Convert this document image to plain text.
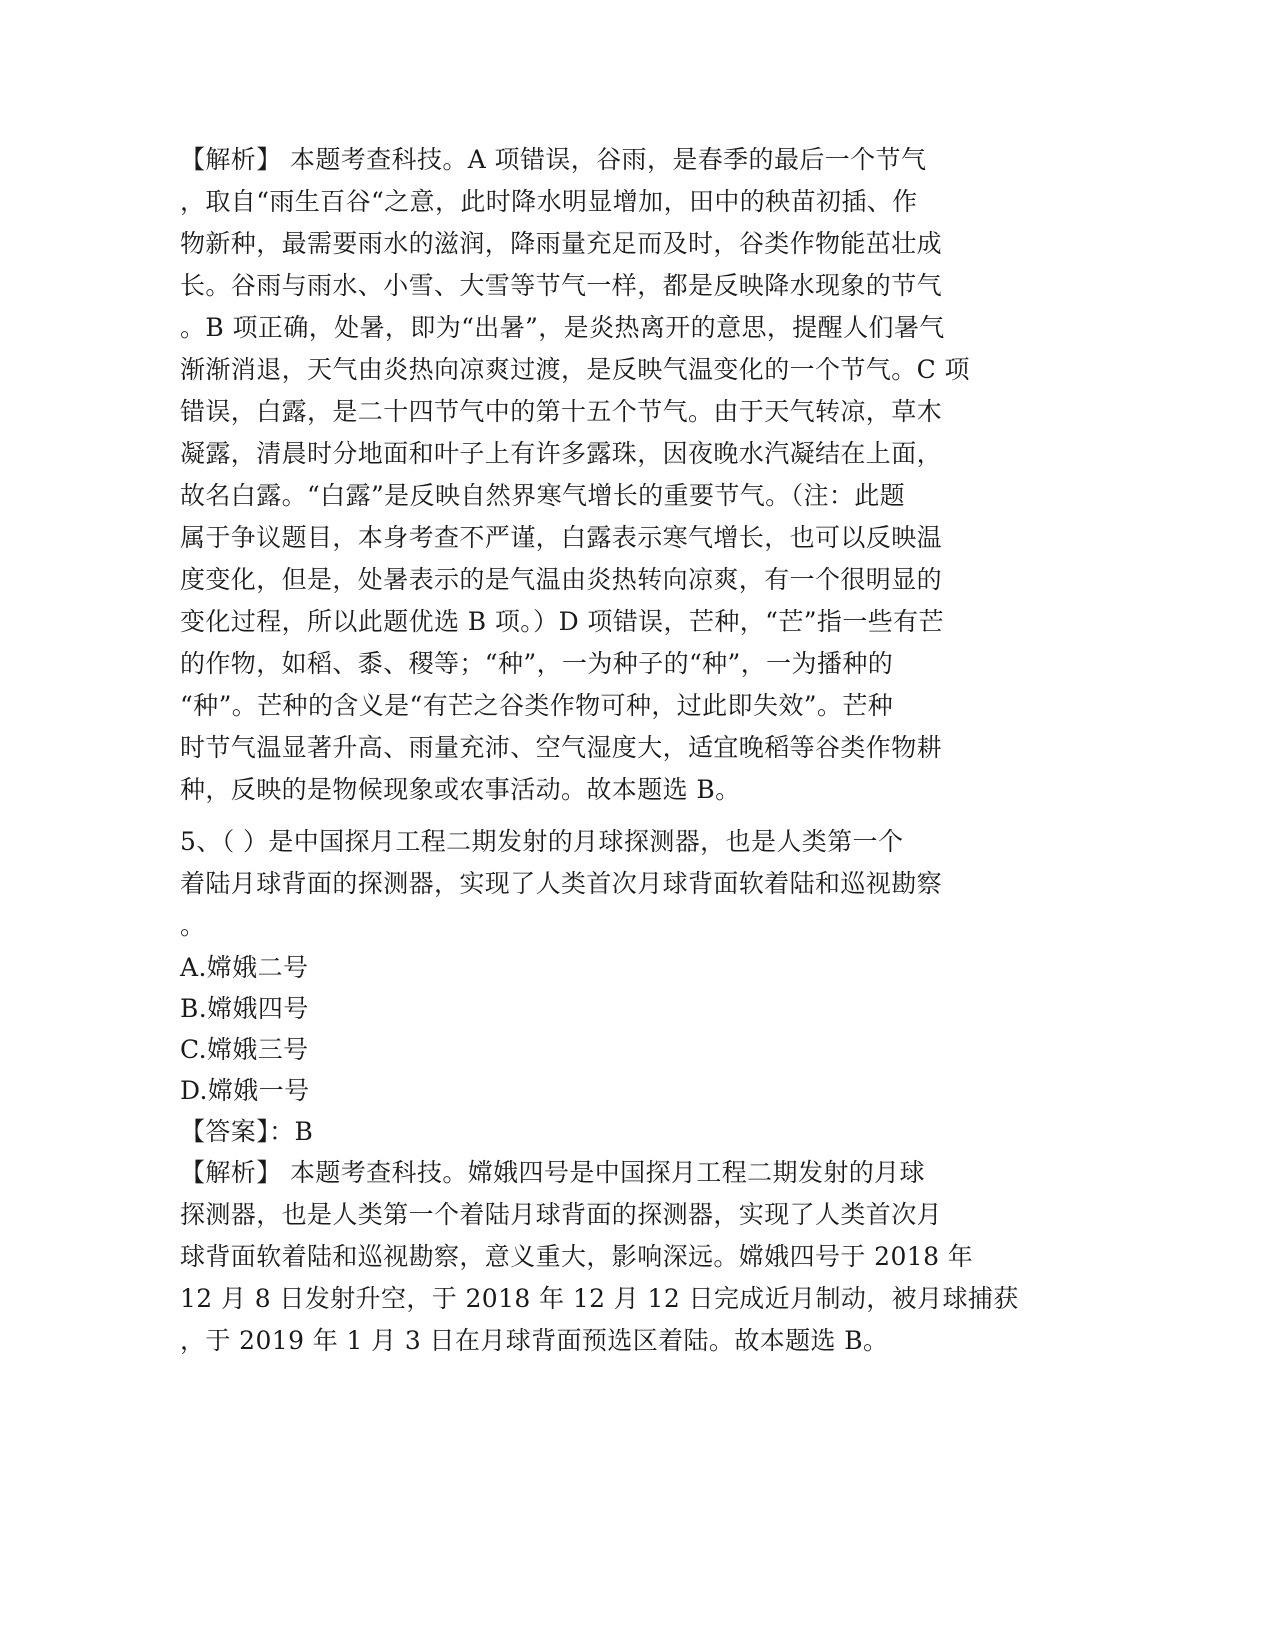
【解析】 本题考查科技。A 项错误，谷雨，是春季的最后一个节气
，取自“雨生百谷“之意，此时降水明显增加，田中的秧苗初插、作
物新种，最需要雨水的滋润，降雨量充足而及时，谷类作物能茁壮成
长。谷雨与雨水、小雪、大雪等节气一样，都是反映降水现象的节气
。B 项正确，处暑，即为“出暑”，是炎热离开的意思，提醒人们暑气
渐渐消退，天气由炎热向凉爽过渡，是反映气温变化的一个节气。C 项
错误，白露，是二十四节气中的第十五个节气。由于天气转凉，草木
凝露，清晨时分地面和叶子上有许多露珠，因夜晚水汽凝结在上面，
故名白露。“白露”是反映自然界寒气增长的重要节气。（注：此题
属于争议题目，本身考查不严谨，白露表示寒气增长，也可以反映温
度变化，但是，处暑表示的是气温由炎热转向凉爽，有一个很明显的
变化过程，所以此题优选 B 项。）D 项错误，芒种，“芒”指一些有芒
的作物，如稻、黍、稷等；“种”，一为种子的“种”，一为播种的
“种”。芒种的含义是“有芒之谷类作物可种，过此即失效”。芒种
时节气温显著升高、雨量充沛、空气湿度大，适宜晚稻等谷类作物耕
种，反映的是物候现象或农事活动。故本题选 B。
5、（ ）是中国探月工程二期发射的月球探测器，也是人类第一个
着陆月球背面的探测器，实现了人类首次月球背面软着陆和巡视勘察
。
A.嫦娥二号
B.嫦娥四号
C.嫦娥三号
D.嫦娥一号
【答案】：B
【解析】 本题考查科技。嫦娥四号是中国探月工程二期发射的月球
探测器，也是人类第一个着陆月球背面的探测器，实现了人类首次月
球背面软着陆和巡视勘察，意义重大，影响深远。嫦娥四号于 2018 年
12 月 8 日发射升空，于 2018 年 12 月 12 日完成近月制动，被月球捕获
，于 2019 年 1 月 3 日在月球背面预选区着陆。故本题选 B。
